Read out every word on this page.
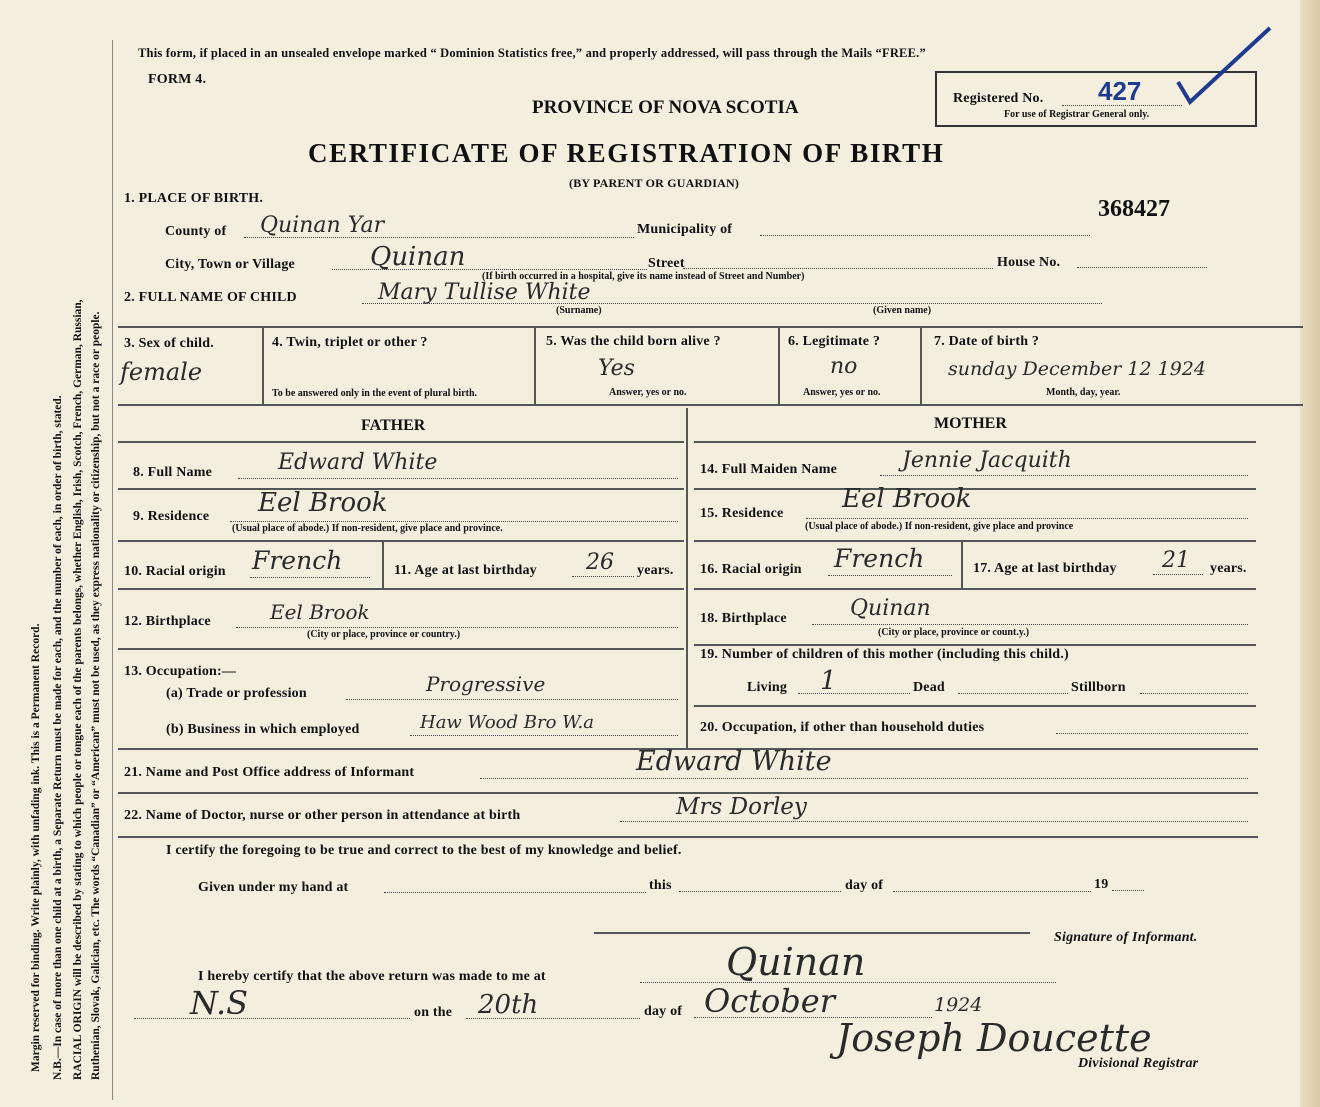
Margin reserved for binding. Write plainly, with unfading ink. This is a Permanent Record. N.B.—In case of more than one child at a birth, a Separate Return must be made for each, and the number of each, in order of birth, stated. RACIAL ORIGIN will be described by stating to which people or tongue each of the parents belongs, whether English, Irish, Scotch, French, German, Russian, Ruthenian, Slovak, Galician, etc. The words “Canadian” or “American” must not be used, as they express nationality or citizenship, but not a race or people.
This form, if placed in an unsealed envelope marked “ Dominion Statistics free,” and properly addressed, will pass through the Mails “FREE.”
FORM 4.
PROVINCE OF NOVA SCOTIA	Registered No. 427
For use of Registrar General only.
CERTIFICATE OF REGISTRATION OF BIRTH
(BY PARENT OR GUARDIAN)
368427
1. PLACE OF BIRTH.
County of Quinan Yar	Municipality of
City, Town or Village	Quinan	Street	House No.
(If birth occurred in a hospital, give its name instead of Street and Number)
2. FULL NAME OF CHILD	Mary Tullise White
(Surname)	(Given name)
3. Sex of child.
female
4. Twin, triplet or other ?
To be answered only in the event of plural birth.
5. Was the child born alive ?
Yes
Answer, yes or no.
6. Legitimate ?
no
Answer, yes or no.
7. Date of birth ?
sunday December 12 1924
Month, day, year.
FATHER	MOTHER
8. Full Name	Edward White
9. Residence Eel Brook
(Usual place of abode.) If non-resident, give place and province.
10. Racial origin French	11. Age at last birthday 26 years.
12. Birthplace	Eel Brook
(City or place, province or country.)
13. Occupation:—
(a) Trade or profession	Progressive
(b) Business in which employed	Haw Wood Bro W.a
14. Full Maiden Name	Jennie Jacquith
15. Residence Eel Brook
(Usual place of abode.) If non-resident, give place and province
16. Racial origin French	17. Age at last birthday 21 years.
18. Birthplace	Quinan
(City or place, province or count.y.)
19. Number of children of this mother (including this child.)
Living 1	Dead	Stillborn
20. Occupation, if other than household duties
21. Name and Post Office address of Informant	Edward White
22. Name of Doctor, nurse or other person in attendance at birth	Mrs Dorley
I certify the foregoing to be true and correct to the best of my knowledge and belief.
Given under my hand at	this	day of	19
Signature of Informant.
I hereby certify that the above return was made to me at	Quinan
N.S	on the 20th	day of October	1924
Joseph Doucette
Divisional Registrar
